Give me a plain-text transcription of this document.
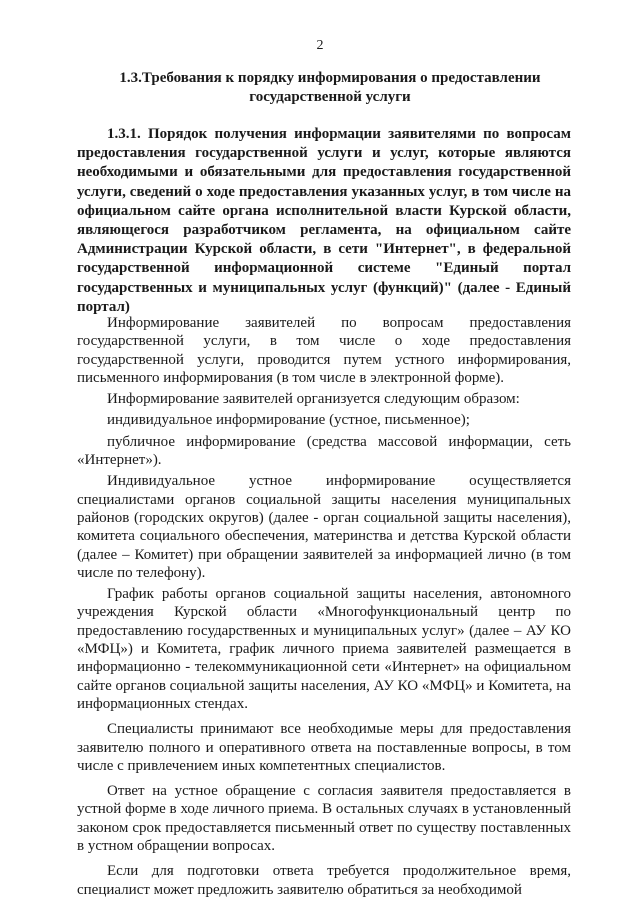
2
1.3.Требования к порядку информирования о предоставлении государственной услуги
1.3.1. Порядок получения информации заявителями по вопросам предоставления государственной услуги и услуг, которые являются необходимыми и обязательными для предоставления государственной услуги, сведений о ходе предоставления указанных услуг, в том числе на официальном сайте органа исполнительной власти Курской области, являющегося разработчиком регламента, на официальном сайте Администрации Курской области, в сети "Интернет", в федеральной государственной информационной системе "Единый портал государственных и муниципальных услуг (функций)" (далее - Единый портал)

Информирование заявителей по вопросам предоставления государственной услуги, в том числе о ходе предоставления государственной услуги, проводится путем устного информирования, письменного информирования (в том числе в электронной форме).

Информирование заявителей организуется следующим образом:

индивидуальное информирование (устное, письменное);

публичное информирование (средства массовой информации, сеть «Интернет»).

Индивидуальное устное информирование осуществляется специалистами органов социальной защиты населения муниципальных районов (городских округов) (далее - орган социальной защиты населения), комитета социального обеспечения, материнства и детства Курской области (далее – Комитет) при обращении заявителей за информацией лично (в том числе по телефону).

График работы органов социальной защиты населения, автономного учреждения Курской области «Многофункциональный центр по предоставлению государственных и муниципальных услуг» (далее – АУ КО «МФЦ») и Комитета, график личного приема заявителей размещается в информационно - телекоммуникационной сети «Интернет» на официальном сайте органов социальной защиты населения, АУ КО «МФЦ» и Комитета, на информационных стендах.

Специалисты принимают все необходимые меры для предоставления заявителю полного и оперативного ответа на поставленные вопросы, в том числе с привлечением иных компетентных специалистов.

Ответ на устное обращение с согласия заявителя предоставляется в устной форме в ходе личного приема. В остальных случаях в установленный законом срок предоставляется письменный ответ по существу поставленных в устном обращении вопросах.

Если для подготовки ответа требуется продолжительное время, специалист может предложить заявителю обратиться за необходимой
